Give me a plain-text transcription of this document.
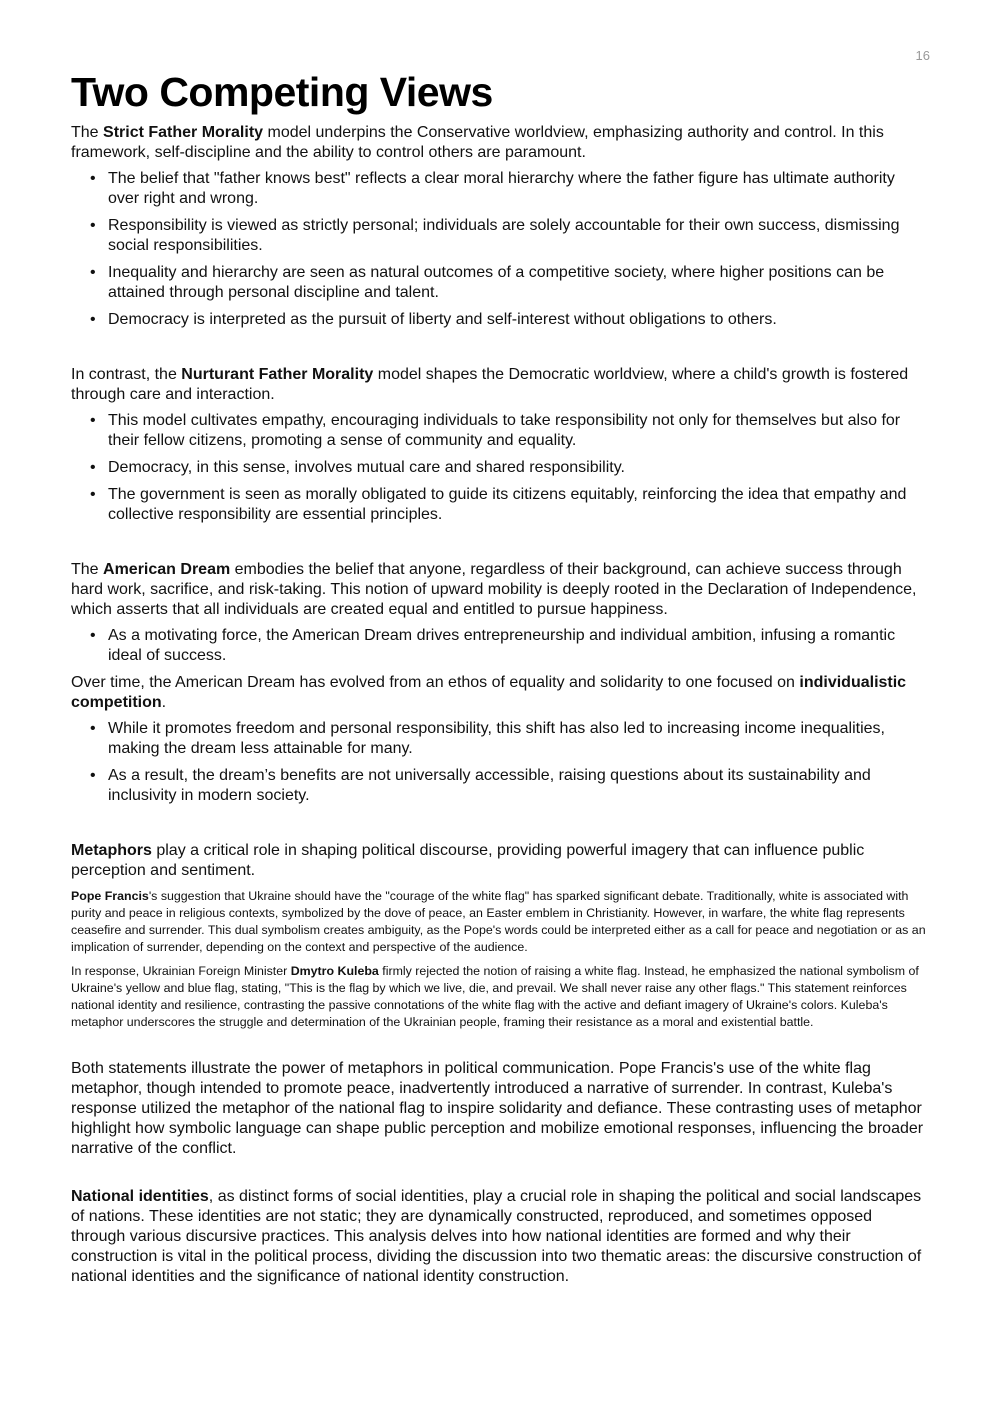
16
Two Competing Views

The Strict Father Morality model underpins the Conservative worldview, emphasizing authority and control. In this framework, self-discipline and the ability to control others are paramount.

• The belief that "father knows best" reflects a clear moral hierarchy where the father figure has ultimate authority over right and wrong.
• Responsibility is viewed as strictly personal; individuals are solely accountable for their own success, dismissing social responsibilities.
• Inequality and hierarchy are seen as natural outcomes of a competitive society, where higher positions can be attained through personal discipline and talent.
• Democracy is interpreted as the pursuit of liberty and self-interest without obligations to others.

In contrast, the Nurturant Father Morality model shapes the Democratic worldview, where a child's growth is fostered through care and interaction.

• This model cultivates empathy, encouraging individuals to take responsibility not only for themselves but also for their fellow citizens, promoting a sense of community and equality.
• Democracy, in this sense, involves mutual care and shared responsibility.
• The government is seen as morally obligated to guide its citizens equitably, reinforcing the idea that empathy and collective responsibility are essential principles.

The American Dream embodies the belief that anyone, regardless of their background, can achieve success through hard work, sacrifice, and risk-taking. This notion of upward mobility is deeply rooted in the Declaration of Independence, which asserts that all individuals are created equal and entitled to pursue happiness.

• As a motivating force, the American Dream drives entrepreneurship and individual ambition, infusing a romantic ideal of success.

Over time, the American Dream has evolved from an ethos of equality and solidarity to one focused on individualistic competition.

• While it promotes freedom and personal responsibility, this shift has also led to increasing income inequalities, making the dream less attainable for many.
• As a result, the dream’s benefits are not universally accessible, raising questions about its sustainability and inclusivity in modern society.

Metaphors play a critical role in shaping political discourse, providing powerful imagery that can influence public perception and sentiment.

Pope Francis's suggestion that Ukraine should have the "courage of the white flag" has sparked significant debate. Traditionally, white is associated with purity and peace in religious contexts, symbolized by the dove of peace, an Easter emblem in Christianity. However, in warfare, the white flag represents ceasefire and surrender. This dual symbolism creates ambiguity, as the Pope's words could be interpreted either as a call for peace and negotiation or as an implication of surrender, depending on the context and perspective of the audience.

In response, Ukrainian Foreign Minister Dmytro Kuleba firmly rejected the notion of raising a white flag. Instead, he emphasized the national symbolism of Ukraine's yellow and blue flag, stating, "This is the flag by which we live, die, and prevail. We shall never raise any other flags." This statement reinforces national identity and resilience, contrasting the passive connotations of the white flag with the active and defiant imagery of Ukraine's colors. Kuleba's metaphor underscores the struggle and determination of the Ukrainian people, framing their resistance as a moral and existential battle.

Both statements illustrate the power of metaphors in political communication. Pope Francis's use of the white flag metaphor, though intended to promote peace, inadvertently introduced a narrative of surrender. In contrast, Kuleba's response utilized the metaphor of the national flag to inspire solidarity and defiance. These contrasting uses of metaphor highlight how symbolic language can shape public perception and mobilize emotional responses, influencing the broader narrative of the conflict.

National identities, as distinct forms of social identities, play a crucial role in shaping the political and social landscapes of nations. These identities are not static; they are dynamically constructed, reproduced, and sometimes opposed through various discursive practices. This analysis delves into how national identities are formed and why their construction is vital in the political process, dividing the discussion into two thematic areas: the discursive construction of national identities and the significance of national identity construction.
